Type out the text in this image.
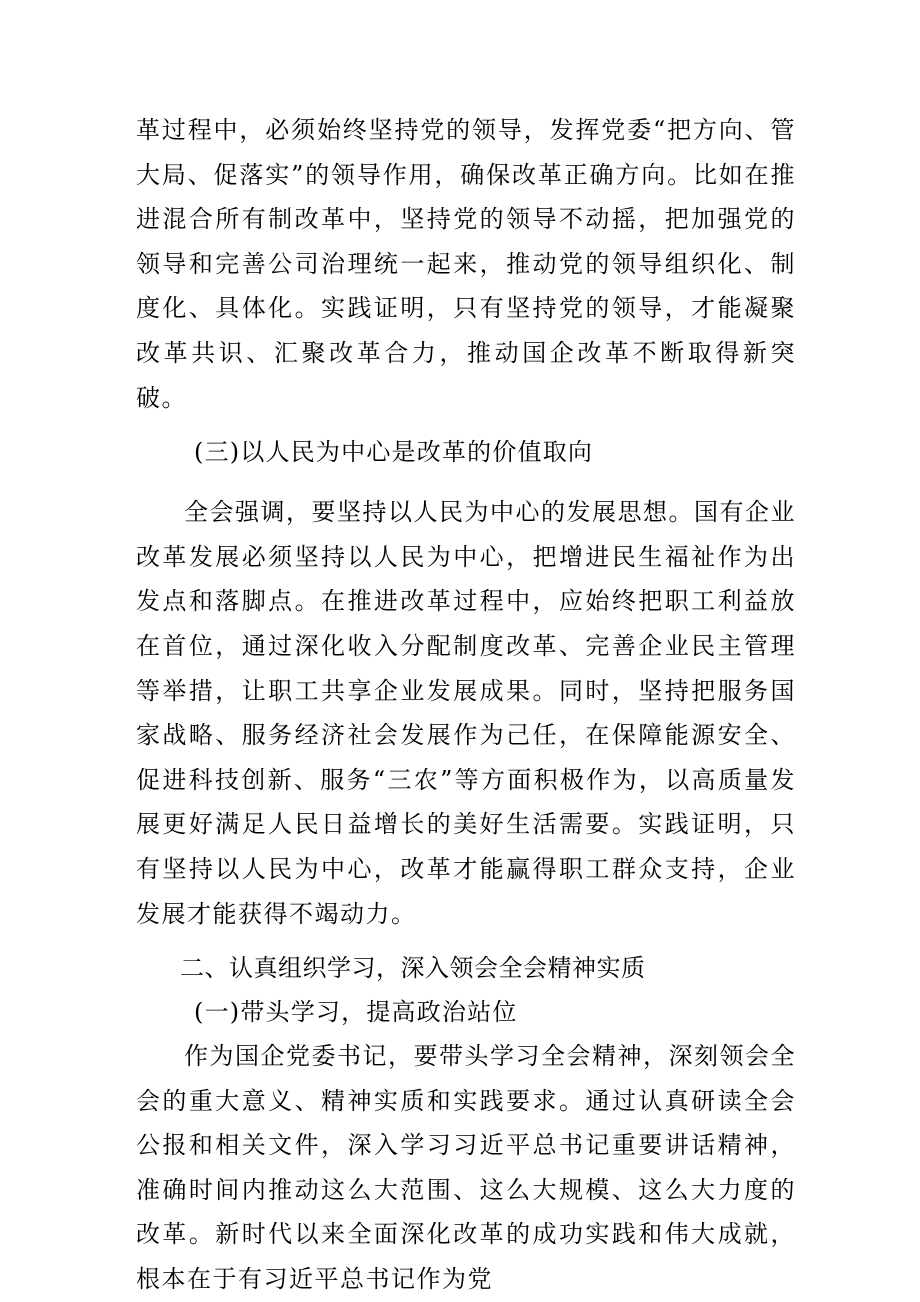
革过程中，必须始终坚持党的领导，发挥党委“把方向、管大局、促落实”的领导作用，确保改革正确方向。比如在推进混合所有制改革中，坚持党的领导不动摇，把加强党的领导和完善公司治理统一起来，推动党的领导组织化、制度化、具体化。实践证明，只有坚持党的领导，才能凝聚改革共识、汇聚改革合力，推动国企改革不断取得新突破。

(三)以人民为中心是改革的价值取向

全会强调，要坚持以人民为中心的发展思想。国有企业改革发展必须坚持以人民为中心，把增进民生福祉作为出发点和落脚点。在推进改革过程中，应始终把职工利益放在首位，通过深化收入分配制度改革、完善企业民主管理等举措，让职工共享企业发展成果。同时，坚持把服务国家战略、服务经济社会发展作为己任，在保障能源安全、促进科技创新、服务“三农”等方面积极作为，以高质量发展更好满足人民日益增长的美好生活需要。实践证明，只有坚持以人民为中心，改革才能赢得职工群众支持，企业发展才能获得不竭动力。

二、认真组织学习，深入领会全会精神实质

(一)带头学习，提高政治站位

作为国企党委书记，要带头学习全会精神，深刻领会全会的重大意义、精神实质和实践要求。通过认真研读全会公报和相关文件，深入学习习近平总书记重要讲话精神，准确时间内推动这么大范围、这么大规模、这么大力度的改革。新时代以来全面深化改革的成功实践和伟大成就，根本在于有习近平总书记作为党
